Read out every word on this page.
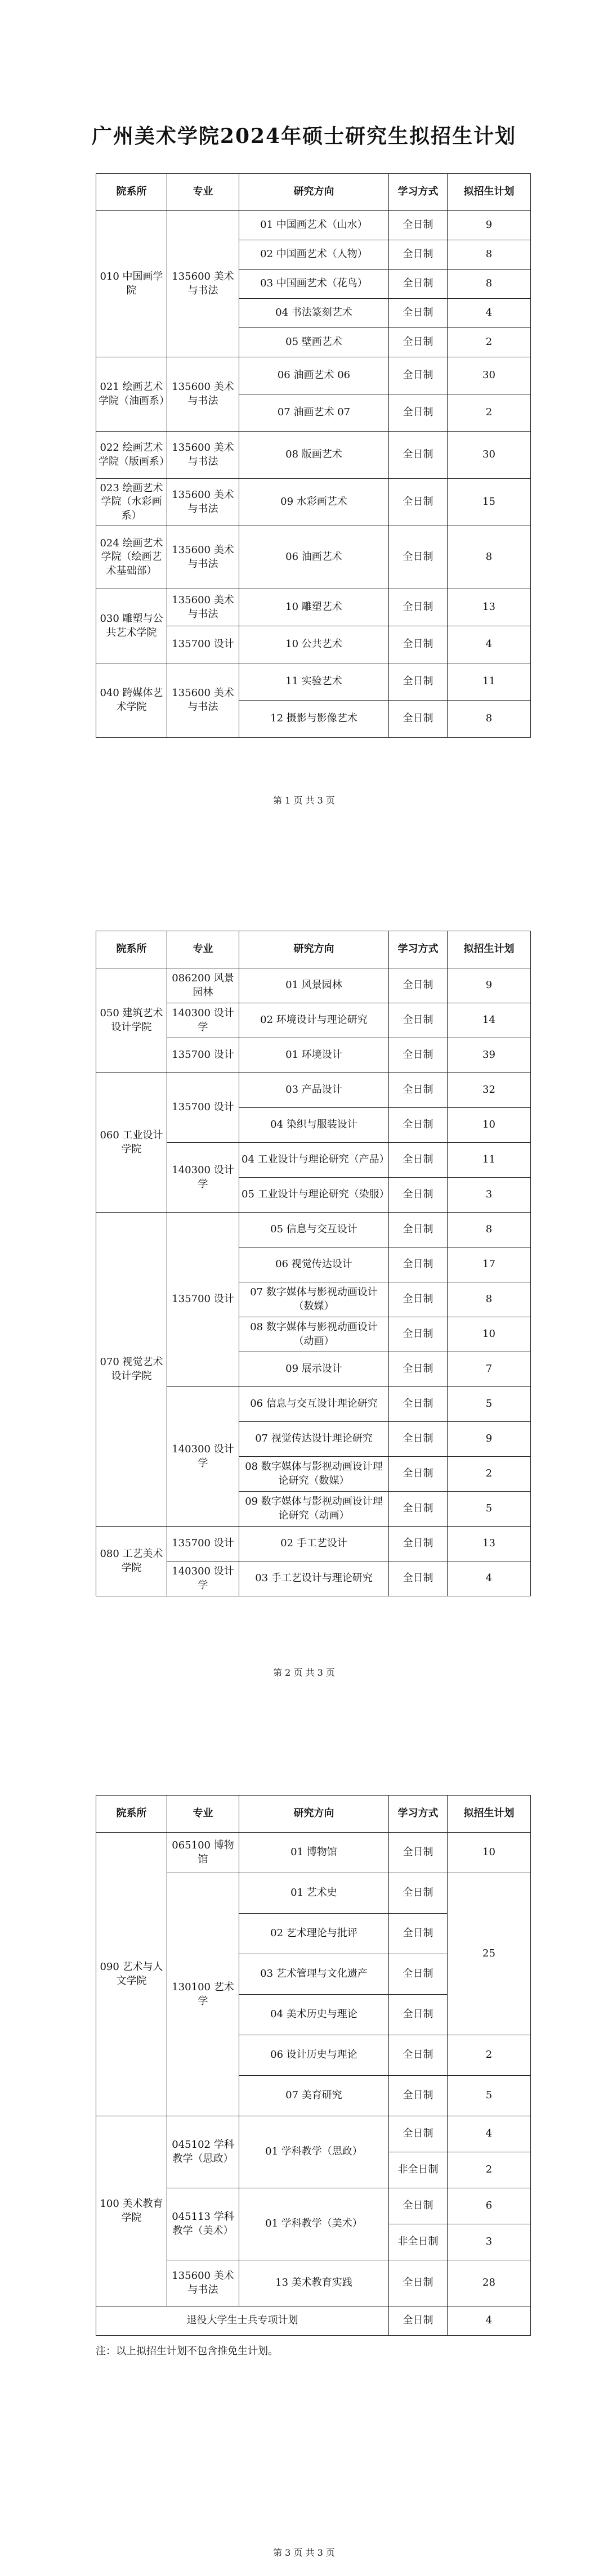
广州美术学院2024年硕士研究生拟招生计划
院系所	专业	研究方向	学习方式	拟招生计划
010 中国画学院	135600 美术与书法	01 中国画艺术（山水）	全日制	9
		02 中国画艺术（人物）	全日制	8
		03 中国画艺术（花鸟）	全日制	8
		04 书法篆刻艺术	全日制	4
		05 壁画艺术	全日制	2
021 绘画艺术学院（油画系）	135600 美术与书法	06 油画艺术 06	全日制	30
		07 油画艺术 07	全日制	2
022 绘画艺术学院（版画系）	135600 美术与书法	08 版画艺术	全日制	30
023 绘画艺术学院（水彩画系）	135600 美术与书法	09 水彩画艺术	全日制	15
024 绘画艺术学院（绘画艺术基础部）	135600 美术与书法	06 油画艺术	全日制	8
030 雕塑与公共艺术学院	135600 美术与书法	10 雕塑艺术	全日制	13
	135700 设计	10 公共艺术	全日制	4
040 跨媒体艺术学院	135600 美术与书法	11 实验艺术	全日制	11
		12 摄影与影像艺术	全日制	8
第 1 页 共 3 页
院系所	专业	研究方向	学习方式	拟招生计划
050 建筑艺术设计学院	086200 风景园林	01 风景园林	全日制	9
	140300 设计学	02 环境设计与理论研究	全日制	14
	135700 设计	01 环境设计	全日制	39
060 工业设计学院	135700 设计	03 产品设计	全日制	32
		04 染织与服装设计	全日制	10
	140300 设计学	04 工业设计与理论研究（产品）	全日制	11
		05 工业设计与理论研究（染服）	全日制	3
070 视觉艺术设计学院	135700 设计	05 信息与交互设计	全日制	8
		06 视觉传达设计	全日制	17
		07 数字媒体与影视动画设计（数媒）	全日制	8
		08 数字媒体与影视动画设计（动画）	全日制	10
		09 展示设计	全日制	7
	140300 设计学	06 信息与交互设计理论研究	全日制	5
		07 视觉传达设计理论研究	全日制	9
		08 数字媒体与影视动画设计理论研究（数媒）	全日制	2
		09 数字媒体与影视动画设计理论研究（动画）	全日制	5
080 工艺美术学院	135700 设计	02 手工艺设计	全日制	13
	140300 设计学	03 手工艺设计与理论研究	全日制	4
第 2 页 共 3 页
院系所	专业	研究方向	学习方式	拟招生计划
090 艺术与人文学院	065100 博物馆	01 博物馆	全日制	10
	130100 艺术学	01 艺术史	全日制	25
		02 艺术理论与批评	全日制	
		03 艺术管理与文化遗产	全日制	
		04 美术历史与理论	全日制	
		06 设计历史与理论	全日制	2
		07 美育研究	全日制	5
100 美术教育学院	045102 学科教学（思政）	01 学科教学（思政）	全日制	4
			非全日制	2
	045113 学科教学（美术）	01 学科教学（美术）	全日制	6
			非全日制	3
	135600 美术与书法	13 美术教育实践	全日制	28
退役大学生士兵专项计划			全日制	4
注：以上拟招生计划不包含推免生计划。
第 3 页 共 3 页
